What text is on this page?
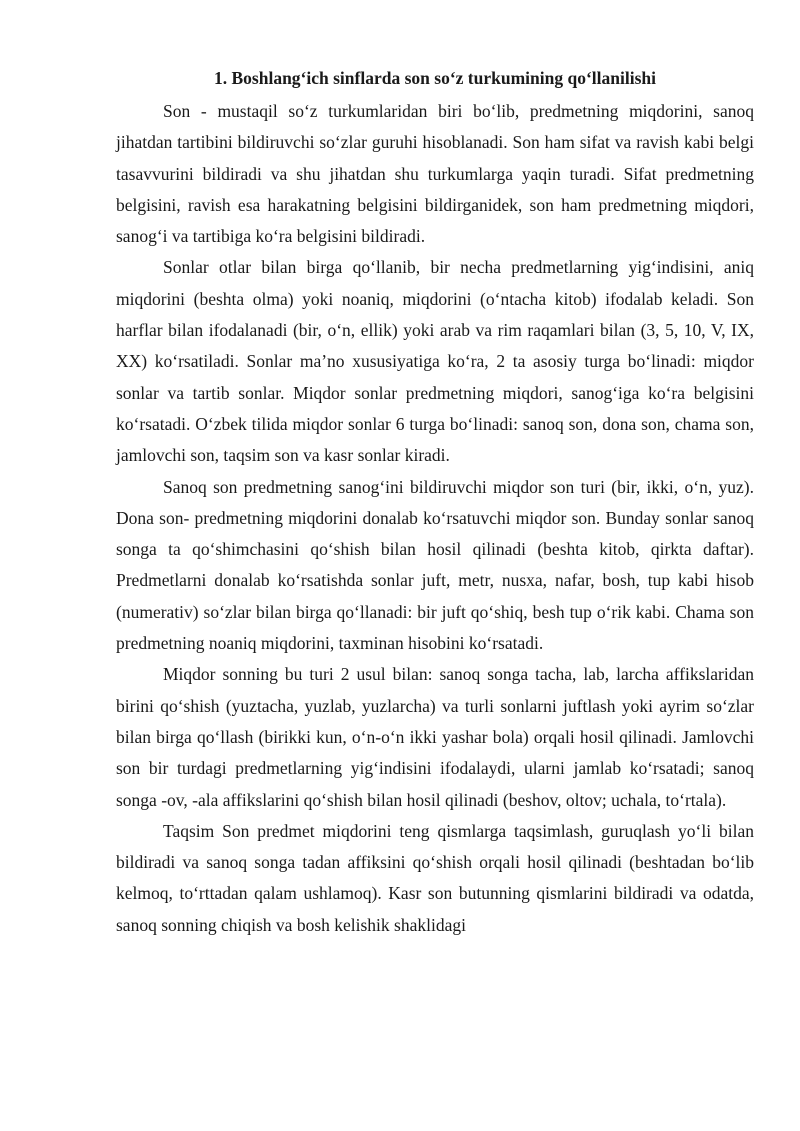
1. Boshlang‘ich sinflarda son so‘z turkumining qo‘llanilishi

Son - mustaqil so‘z turkumlaridan biri bo‘lib, predmetning miqdorini, sanoq jihatdan tartibini bildiruvchi so‘zlar guruhi hisoblanadi. Son ham sifat va ravish kabi belgi tasavvurini bildiradi va shu jihatdan shu turkumlarga yaqin turadi. Sifat predmetning belgisini, ravish esa harakatning belgisini bildirganidek, son ham predmetning miqdori, sanog‘i va tartibiga ko‘ra belgisini bildiradi.

Sonlar otlar bilan birga qo‘llanib, bir necha predmetlarning yig‘indisini, aniq miqdorini (beshta olma) yoki noaniq, miqdorini (o‘ntacha kitob) ifodalab keladi. Son harflar bilan ifodalanadi (bir, o‘n, ellik) yoki arab va rim raqamlari bilan (3, 5, 10, V, IX, XX) ko‘rsatiladi. Sonlar ma’no xususiyatiga ko‘ra, 2 ta asosiy turga bo‘linadi: miqdor sonlar va tartib sonlar. Miqdor sonlar predmetning miqdori, sanog‘iga ko‘ra belgisini ko‘rsatadi. O‘zbek tilida miqdor sonlar 6 turga bo‘linadi: sanoq son, dona son, chama son, jamlovchi son, taqsim son va kasr sonlar kiradi.

Sanoq son predmetning sanog‘ini bildiruvchi miqdor son turi (bir, ikki, o‘n, yuz). Dona son- predmetning miqdorini donalab ko‘rsatuvchi miqdor son. Bunday sonlar sanoq songa ta qo‘shimchasini qo‘shish bilan hosil qilinadi (beshta kitob, qirkta daftar). Predmetlarni donalab ko‘rsatishda sonlar juft, metr, nusxa, nafar, bosh, tup kabi hisob (numerativ) so‘zlar bilan birga qo‘llanadi: bir juft qo‘shiq, besh tup o‘rik kabi. Chama son predmetning noaniq miqdorini, taxminan hisobini ko‘rsatadi.

Miqdor sonning bu turi 2 usul bilan: sanoq songa tacha, lab, larcha affikslaridan birini qo‘shish (yuztacha, yuzlab, yuzlarcha) va turli sonlarni juftlash yoki ayrim so‘zlar bilan birga qo‘llash (birikki kun, o‘n-o‘n ikki yashar bola) orqali hosil qilinadi. Jamlovchi son bir turdagi predmetlarning yig‘indisini ifodalaydi, ularni jamlab ko‘rsatadi; sanoq songa -ov, -ala affikslarini qo‘shish bilan hosil qilinadi (beshov, oltov; uchala, to‘rtala).

Taqsim Son predmet miqdorini teng qismlarga taqsimlash, guruqlash yo‘li bilan bildiradi va sanoq songa tadan affiksini qo‘shish orqali hosil qilinadi (beshtadan bo‘lib kelmoq, to‘rttadan qalam ushlamoq). Kasr son butunning qismlarini bildiradi va odatda, sanoq sonning chiqish va bosh kelishik shaklidagi
